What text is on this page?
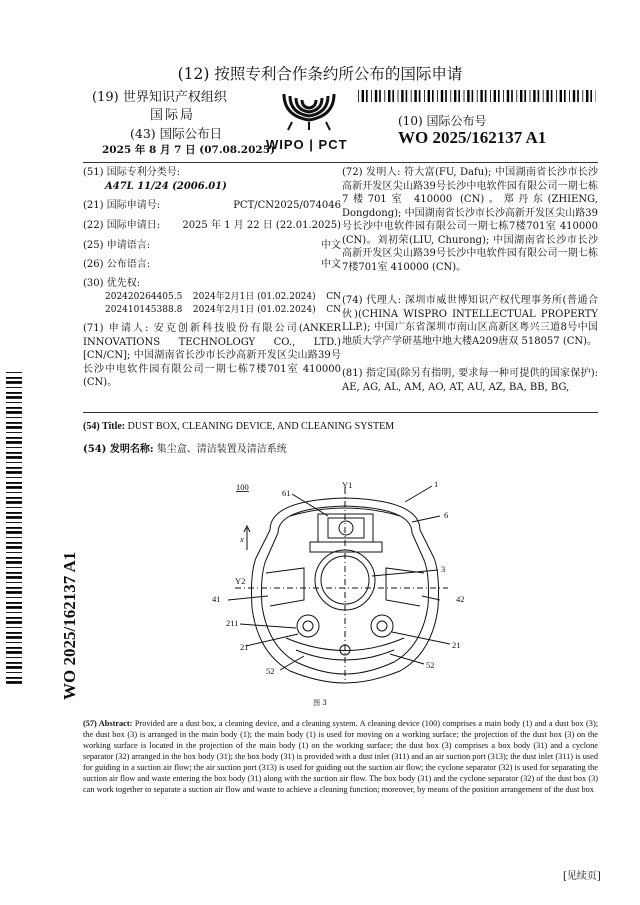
(12) 按照专利合作条约所公布的国际申请
(19) 世界知识产权组织
国际局
(43) 国际公布日
2025 年 8 月 7 日 (07.08.2025)
WIPO | PCT
(10) 国际公布号
WO 2025/162137 A1
(51) 国际专利分类号:
A47L 11/24 (2006.01)
(21) 国际申请号:	PCT/CN2025/074046
(22) 国际申请日: 2025 年 1 月 22 日 (22.01.2025)
(25) 申请语言:	中文
(26) 公布语言:	中文
(30) 优先权:
202420264405.5 2024年2月1日 (01.02.2024) CN
202410145388.8 2024年2月1日 (01.02.2024) CN
(71) 申请人: 安克创新科技股份有限公司(ANKER INNOVATIONS TECHNOLOGY CO., LTD.) [CN/CN]; 中国湖南省长沙市长沙高新开发区尖山路39号长沙中电软件园有限公司一期七栋7楼701室 410000 (CN)。
(72) 发明人: 符大富(FU, Dafu); 中国湖南省长沙市长沙高新开发区尖山路39号长沙中电软件园有限公司一期七栋7楼701室 410000 (CN)。郑丹东(ZHIENG, Dongdong); 中国湖南省长沙市长沙高新开发区尖山路39号长沙中电软件园有限公司一期七栋7楼701室 410000 (CN)。刘初荣(LIU, Churong); 中国湖南省长沙市长沙高新开发区尖山路39号长沙中电软件园有限公司一期七栋7楼701室 410000 (CN)。
(74) 代理人: 深圳市威世博知识产权代理事务所(普通合伙)(CHINA WISPRO INTELLECTUAL PROPERTY LLP.); 中国广东省深圳市南山区高新区粤兴三道8号中国地质大学产学研基地中地大楼A209唐双 518057 (CN)。
(81) 指定国(除另有指明, 要求每一种可提供的国家保护): AE, AG, AL, AM, AO, AT, AU, AZ, BA, BB, BG,
(54) Title: DUST BOX, CLEANING DEVICE, AND CLEANING SYSTEM
(54) 发明名称: 集尘盒、清洁装置及清洁系统
100
61
Y1	1
6
x
3
Y2
41	42
211
21	21
52
52
图 3
(57) Abstract: Provided are a dust box, a cleaning device, and a cleaning system. A cleaning device (100) comprises a main body (1) and a dust box (3); the dust box (3) is arranged in the main body (1); the main body (1) is used for moving on a working surface; the projection of the dust box (3) on the working surface is located in the projection of the main body (1) on the working surface; the dust box (3) comprises a box body (31) and a cyclone separator (32) arranged in the box body (31); the box body (31) is provided with a dust inlet (311) and an air suction port (313); the dust inlet (311) is used for guiding in a suction air flow; the air suction port (313) is used for guiding out the suction air flow; the cyclone separator (32) is used for separating the suction air flow and waste entering the box body (31) along with the suction air flow. The box body (31) and the cyclone separator (32) of the dust box (3) can work together to separate a suction air flow and waste to achieve a cleaning function; moreover, by means of the position arrangement of the dust box
WO 2025/162137 A1
[见续页]
